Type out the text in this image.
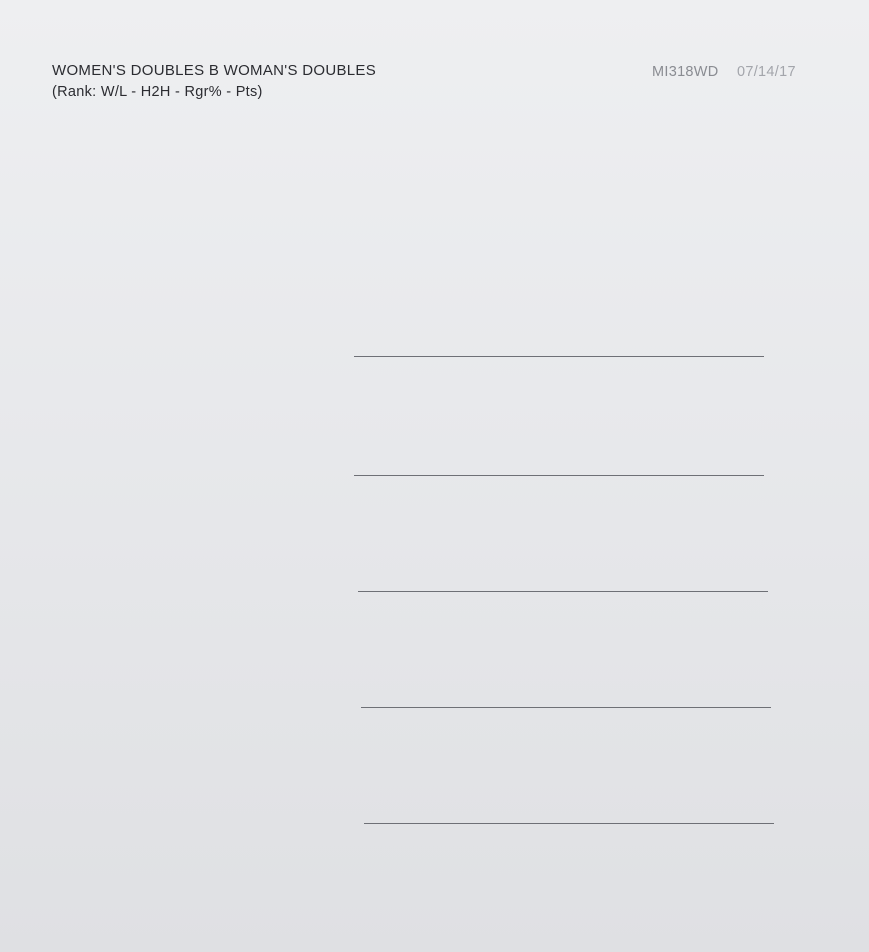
WOMEN'S DOUBLES B WOMAN'S DOUBLES	MI318WD 07/14/17
(Rank: W/L - H2H - Rgr% - Pts)
